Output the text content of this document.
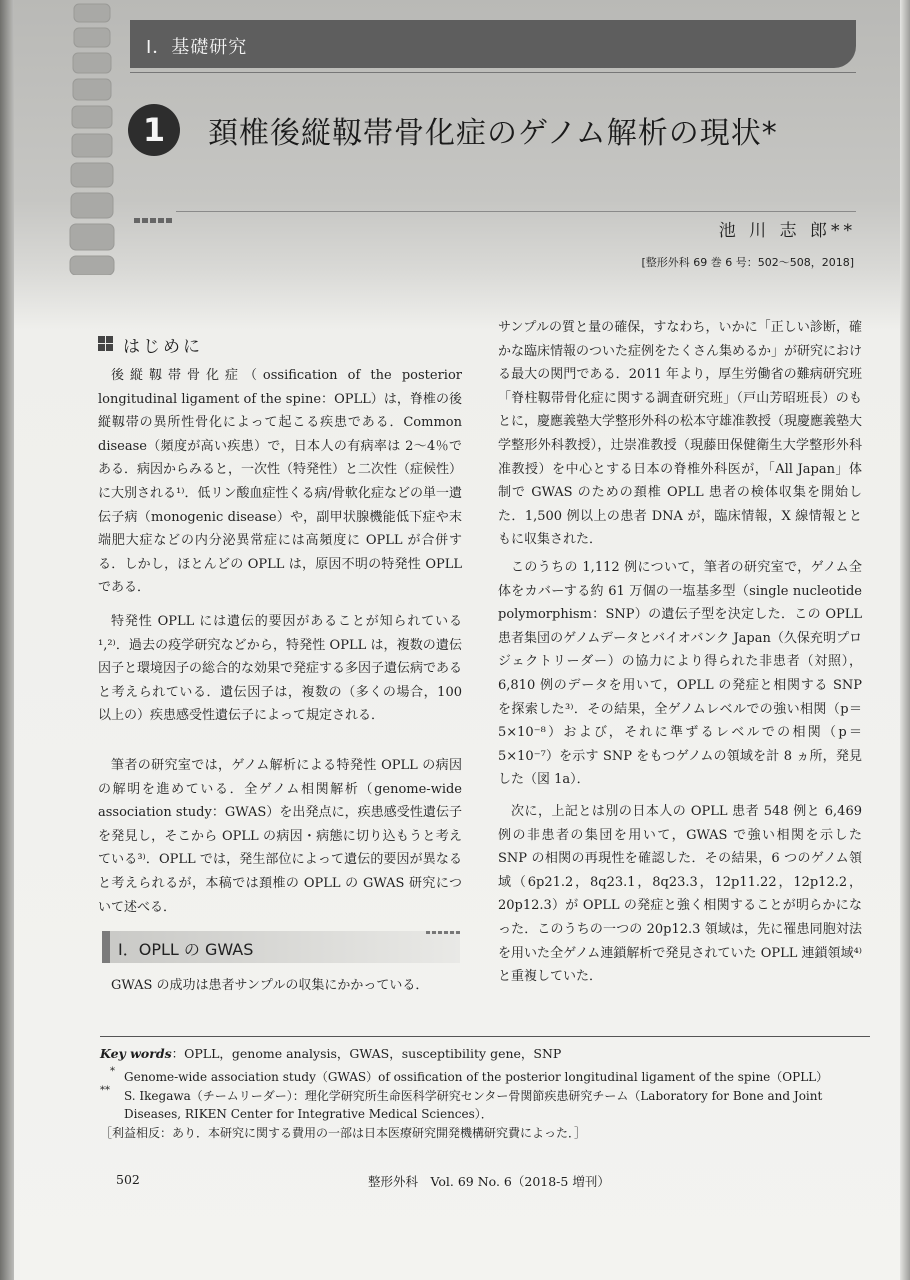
Ⅰ．基礎研究
1	頚椎後縦靱帯骨化症のゲノム解析の現状*
池 川 志 郎**
[整形外科 69 巻 6 号：502～508，2018]
はじめに

後縦靱帯骨化症（ossification of the posterior longitudinal ligament of the spine：OPLL）は，脊椎の後縦靱帯の異所性骨化によって起こる疾患である．Common disease（頻度が高い疾患）で，日本人の有病率は 2～4％である．病因からみると，一次性（特発性）と二次性（症候性）に大別される¹⁾．低リン酸血症性くる病/骨軟化症などの単一遺伝子病（monogenic disease）や，副甲状腺機能低下症や末端肥大症などの内分泌異常症には高頻度に OPLL が合併する．しかし，ほとんどの OPLL は，原因不明の特発性 OPLL である．

特発性 OPLL には遺伝的要因があることが知られている¹,²⁾．過去の疫学研究などから，特発性 OPLL は，複数の遺伝因子と環境因子の総合的な効果で発症する多因子遺伝病であると考えられている．遺伝因子は，複数の（多くの場合，100 以上の）疾患感受性遺伝子によって規定される．

筆者の研究室では，ゲノム解析による特発性 OPLL の病因の解明を進めている．全ゲノム相関解析（genome-wide association study：GWAS）を出発点に，疾患感受性遺伝子を発見し，そこから OPLL の病因・病態に切り込もうと考えている³⁾．OPLL では，発生部位によって遺伝的要因が異なると考えられるが，本稿では頚椎の OPLL の GWAS 研究について述べる．

GWAS の成功は患者サンプルの収集にかかっている．

Ⅰ．OPLL の GWAS

サンプルの質と量の確保，すなわち，いかに「正しい診断，確かな臨床情報のついた症例をたくさん集めるか」が研究における最大の関門である．2011 年より，厚生労働省の難病研究班「脊柱靱帯骨化症に関する調査研究班」（戸山芳昭班長）のもとに，慶應義塾大学整形外科の松本守雄准教授（現慶應義塾大学整形外科教授），辻崇准教授（現藤田保健衛生大学整形外科准教授）を中心とする日本の脊椎外科医が，「All Japan」体制で GWAS のための頚椎 OPLL 患者の検体収集を開始した．1,500 例以上の患者 DNA が，臨床情報，X 線情報とともに収集された．

このうちの 1,112 例について，筆者の研究室で，ゲノム全体をカバーする約 61 万個の一塩基多型（single nucleotide polymorphism：SNP）の遺伝子型を決定した．この OPLL 患者集団のゲノムデータとバイオバンク Japan（久保充明プロジェクトリーダー）の協力により得られた非患者（対照），6,810 例のデータを用いて，OPLL の発症と相関する SNP を探索した³⁾．その結果，全ゲノムレベルでの強い相関（p＝5×10⁻⁸）および，それに準ずるレベルでの相関（p＝5×10⁻⁷）を示す SNP をもつゲノムの領域を計 8 ヵ所，発見した（図 1a）．

次に，上記とは別の日本人の OPLL 患者 548 例と 6,469 例の非患者の集団を用いて，GWAS で強い相関を示した SNP の相関の再現性を確認した．その結果，6 つのゲノム領域（6p21.2，8q23.1，8q23.3，12p11.22，12p12.2，20p12.3）が OPLL の発症と強く相関することが明らかになった．このうちの一つの 20p12.3 領域は，先に罹患同胞対法を用いた全ゲノム連鎖解析で発見されていた OPLL 連鎖領域⁴⁾と重複していた．

Key words：OPLL，genome analysis，GWAS，susceptibility gene，SNP
* Genome-wide association study（GWAS）of ossification of the posterior longitudinal ligament of the spine（OPLL）
** S. Ikegawa（チームリーダー）：理化学研究所生命医科学研究センター骨関節疾患研究チーム（Laboratory for Bone and Joint
Diseases, RIKEN Center for Integrative Medical Sciences）．
［利益相反：あり．本研究に関する費用の一部は日本医療研究開発機構研究費によった．］
502	整形外科　Vol. 69 No. 6（2018-5 増刊）
